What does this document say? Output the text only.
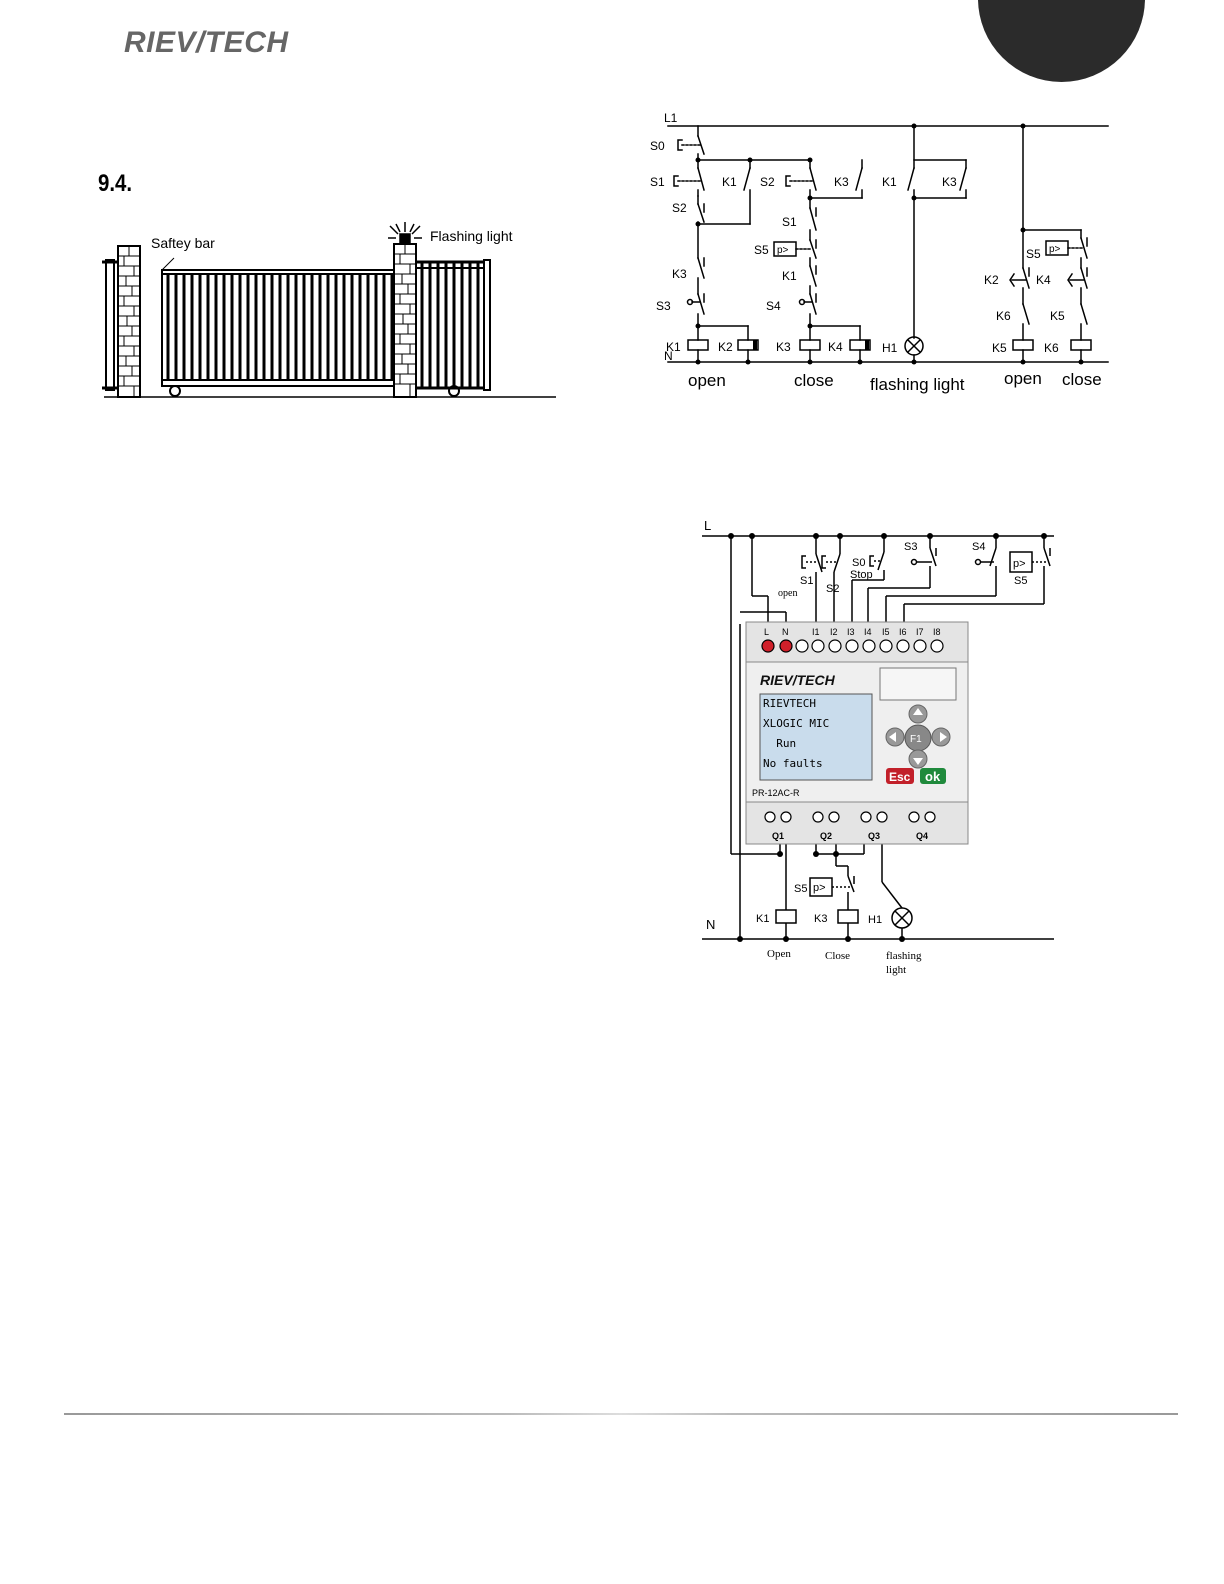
RIEV/TECH
9.4.
Saftey bar	Flashing light
L1
N
S0
S1	K1
S2
K3
S3
K1	K2
S2	K3
S1
S5 p>
K1
S4
K3	K4
K1	K3
H1
S5 p>
K2	K4
K6	K5
K5	K6
open	close flashing light open close
L N	I1 I2 I3 I4 I5 I6 I7 I8
RIEV/TECH
RIEVTECH
XLOGIC MIC
Run
No faults
F1
Esc ok
PR-12AC-R
Q1	Q2	Q3	Q4
L
N
S1
open	S2
S0
Stop
S3	S4
p>
S5
S5 p>
K1	K3	H1
Open	Close	flashing
light
